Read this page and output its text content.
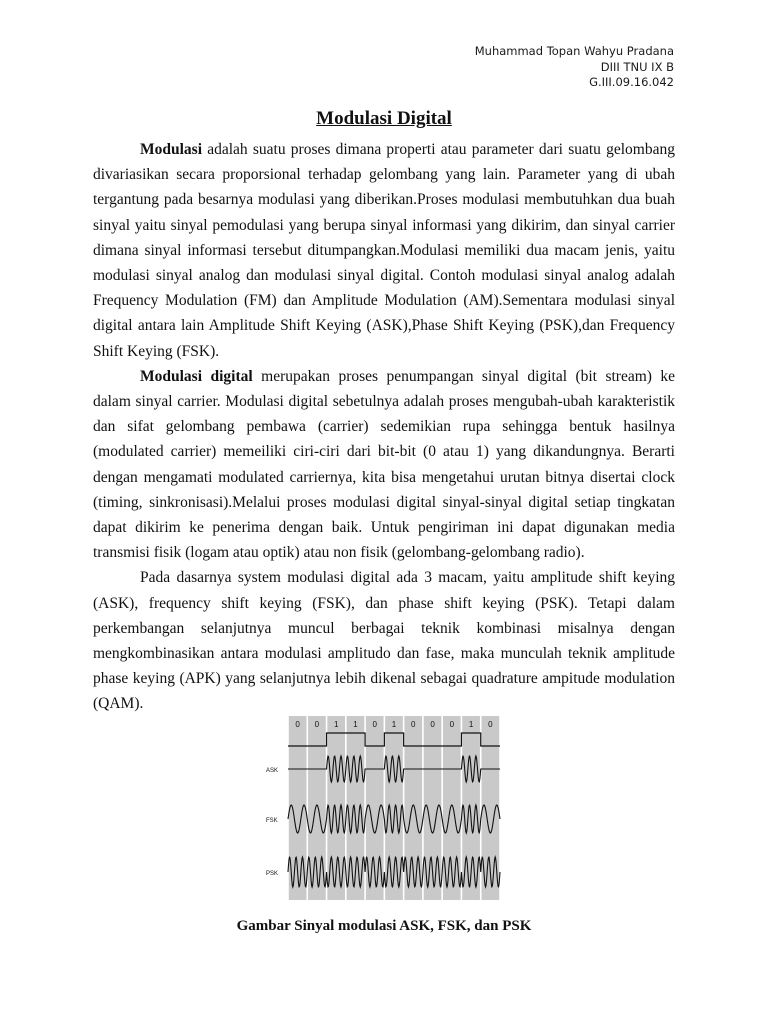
Muhammad Topan Wahyu Pradana
DIII TNU IX B
G.III.09.16.042
Modulasi Digital

Modulasi adalah suatu proses dimana properti atau parameter dari suatu gelombang divariasikan secara proporsional terhadap gelombang yang lain. Parameter yang di ubah tergantung pada besarnya modulasi yang diberikan.Proses modulasi membutuhkan dua buah sinyal yaitu sinyal pemodulasi yang berupa sinyal informasi yang dikirim, dan sinyal carrier dimana sinyal informasi tersebut ditumpangkan.Modulasi memiliki dua macam jenis, yaitu modulasi sinyal analog dan modulasi sinyal digital. Contoh modulasi sinyal analog adalah Frequency Modulation (FM) dan Amplitude Modulation (AM).Sementara modulasi sinyal digital antara lain Amplitude Shift Keying (ASK),Phase Shift Keying (PSK),dan Frequency Shift Keying (FSK).

Modulasi digital merupakan proses penumpangan sinyal digital (bit stream) ke dalam sinyal carrier. Modulasi digital sebetulnya adalah proses mengubah-ubah karakteristik dan sifat gelombang pembawa (carrier) sedemikian rupa sehingga bentuk hasilnya (modulated carrier) memeiliki ciri-ciri dari bit-bit (0 atau 1) yang dikandungnya. Berarti dengan mengamati modulated carriernya, kita bisa mengetahui urutan bitnya disertai clock (timing, sinkronisasi).Melalui proses modulasi digital sinyal-sinyal digital setiap tingkatan dapat dikirim ke penerima dengan baik. Untuk pengiriman ini dapat digunakan media transmisi fisik (logam atau optik) atau non fisik (gelombang-gelombang radio).

Pada dasarnya system modulasi digital ada 3 macam, yaitu amplitude shift keying (ASK), frequency shift keying (FSK), dan phase shift keying (PSK). Tetapi dalam perkembangan selanjutnya muncul berbagai teknik kombinasi misalnya dengan mengkombinasikan antara modulasi amplitudo dan fase, maka munculah teknik amplitude phase keying (APK) yang selanjutnya lebih dikenal sebagai quadrature ampitude modulation (QAM).

0 0 1 1 0 1 0 0 0 1 0
ASK
FSK
PSK
Gambar Sinyal modulasi ASK, FSK, dan PSK
